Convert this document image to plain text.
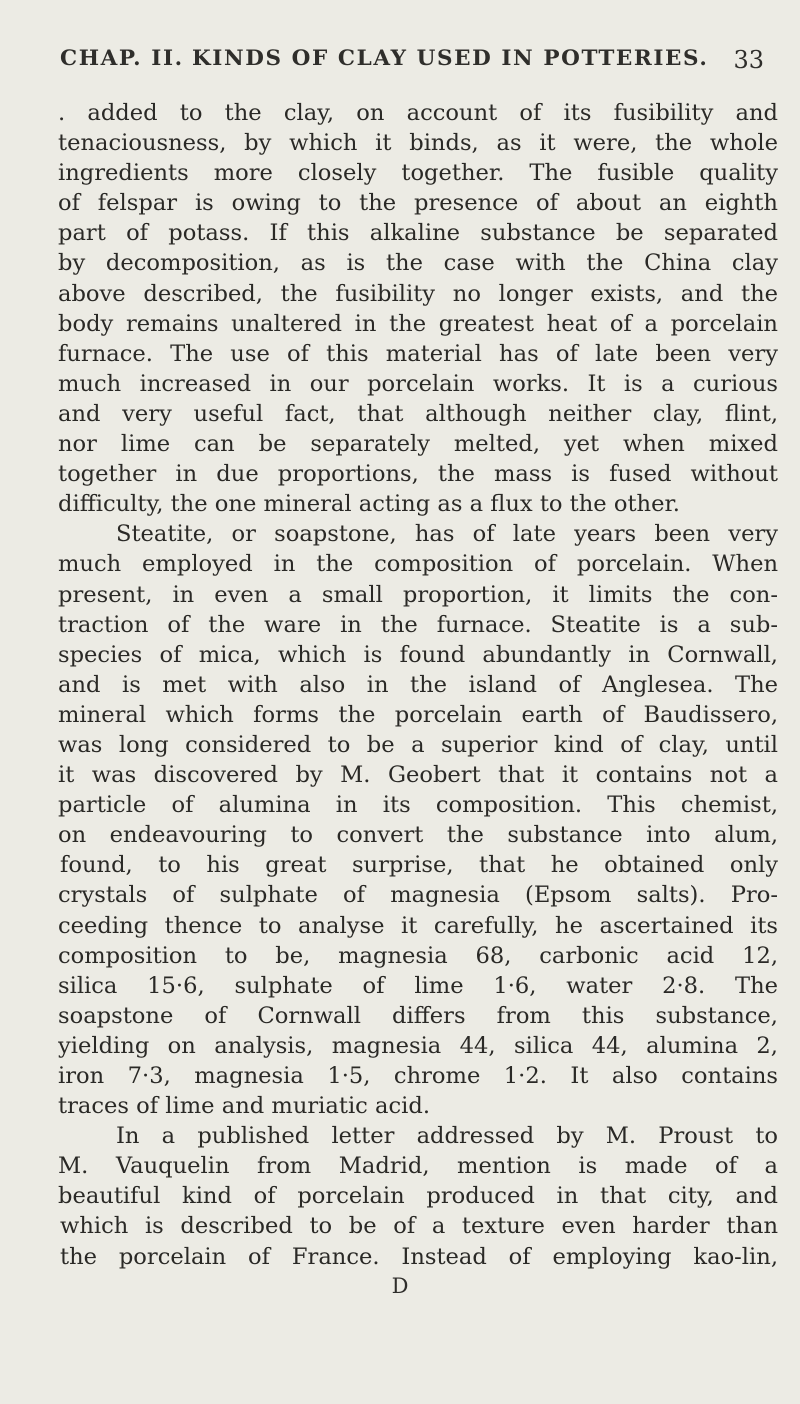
CHAP. II. KINDS OF CLAY USED IN POTTERIES. 33
. added to the clay, on account of its fusibility and
tenaciousness, by which it binds, as it were, the whole
ingredients more closely together. The fusible quality
of felspar is owing to the presence of about an eighth
part of potass. If this alkaline substance be separated
by decomposition, as is the case with the China clay
above described, the fusibility no longer exists, and the
body remains unaltered in the greatest heat of a porcelain
furnace. The use of this material has of late been very
much increased in our porcelain works. It is a curious
and very useful fact, that although neither clay, flint,
nor lime can be separately melted, yet when mixed
together in due proportions, the mass is fused without
difficulty, the one mineral acting as a flux to the other.
Steatite, or soapstone, has of late years been very
much employed in the composition of porcelain. When
present, in even a small proportion, it limits the con-
traction of the ware in the furnace. Steatite is a sub-
species of mica, which is found abundantly in Cornwall,
and is met with also in the island of Anglesea. The
mineral which forms the porcelain earth of Baudissero,
was long considered to be a superior kind of clay, until
it was discovered by M. Geobert that it contains not a
particle of alumina in its composition. This chemist,
on endeavouring to convert the substance into alum,
found, to his great surprise, that he obtained only
crystals of sulphate of magnesia (Epsom salts). Pro-
ceeding thence to analyse it carefully, he ascertained its
composition to be, magnesia 68, carbonic acid 12,
silica 15·6, sulphate of lime 1·6, water 2·8. The
soapstone of Cornwall differs from this substance,
yielding on analysis, magnesia 44, silica 44, alumina 2,
iron 7·3, magnesia 1·5, chrome 1·2. It also contains
traces of lime and muriatic acid.
In a published letter addressed by M. Proust to
M. Vauquelin from Madrid, mention is made of a
beautiful kind of porcelain produced in that city, and
which is described to be of a texture even harder than
the porcelain of France. Instead of employing kao-lin,
D
